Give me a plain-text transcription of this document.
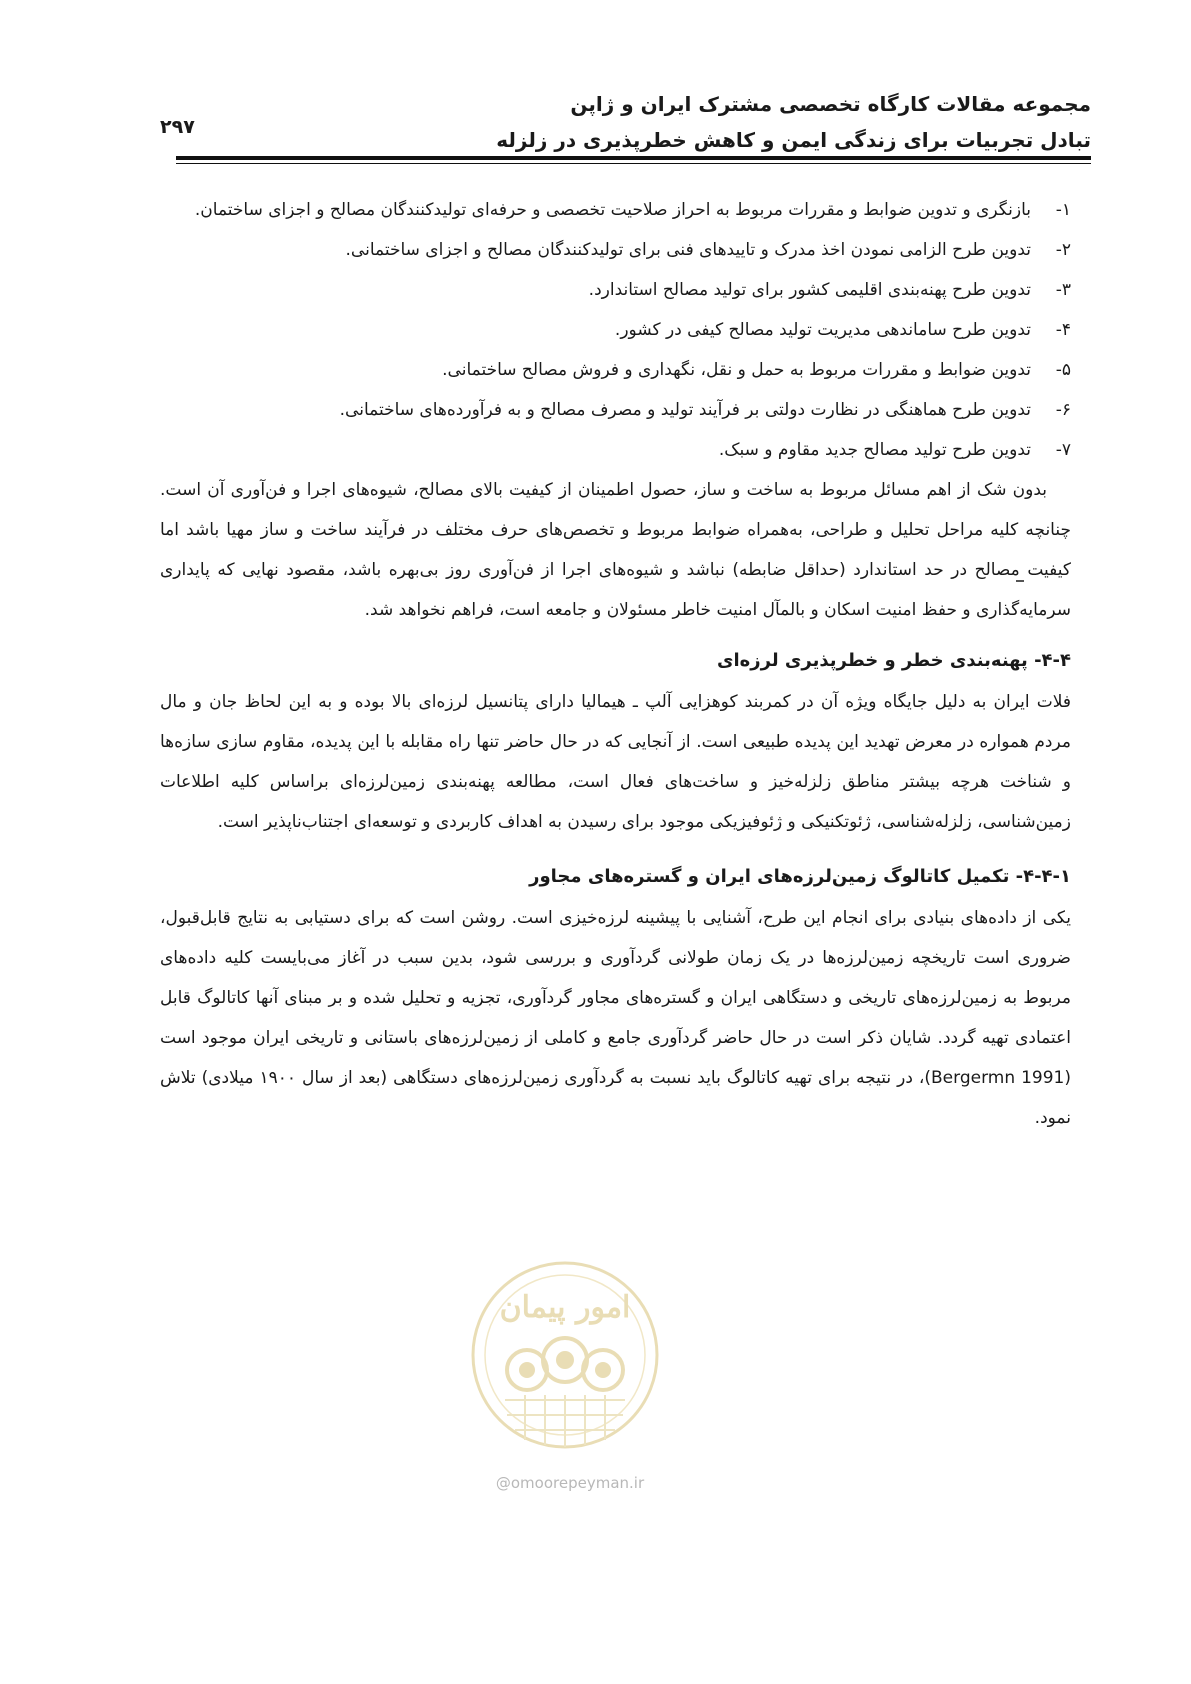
مجموعه مقالات کارگاه تخصصی مشترک ایران و ژاپن
تبادل تجربیات برای زندگی ایمن و کاهش خطرپذیری در زلزله
۲۹۷
۱-
بازنگری و تدوین ضوابط و مقررات مربوط به احراز صلاحیت تخصصی و حرفه‌ای تولیدکنندگان مصالح و اجزای ساختمان.
۲-
تدوین طرح الزامی نمودن اخذ مدرک و تاییدهای فنی برای تولیدکنندگان مصالح و اجزای ساختمانی.
۳-
تدوین طرح پهنه‌بندی اقلیمی کشور برای تولید مصالح استاندارد.
۴-
تدوین طرح ساماندهی مدیریت تولید مصالح کیفی در کشور.
۵-
تدوین ضوابط و مقررات مربوط به حمل و نقل، نگهداری و فروش مصالح ساختمانی.
۶-
تدوین طرح هماهنگی در نظارت دولتی بر فرآیند تولید و مصرف مصالح و به فرآورده‌های ساختمانی.
۷-
تدوین طرح تولید مصالح جدید مقاوم و سبک.

بدون شک از اهم مسائل مربوط به ساخت و ساز، حصول اطمینان از کیفیت بالای مصالح، شیوه‌های اجرا و فن‌آوری آن است. چنانچه کلیه مراحل تحلیل و طراحی، به‌همراه ضوابط مربوط و تخصص‌های حرف مختلف در فرآیند ساخت و ساز مهیا باشد اما کیفیت مصالح در حد استاندارد (حداقل ضابطه) نباشد و شیوه‌های اجرا از فن‌آوری روز بی‌بهره باشد، مقصود نهایی که پایداری سرمایه‌گذاری و حفظ امنیت اسکان و بالمآل امنیت خاطر مسئولان و جامعه است، فراهم نخواهد شد.

۴-۴- پهنه‌بندی خطر و خطرپذیری لرزه‌ای

فلات ایران به دلیل جایگاه ویژه آن در کمربند کوهزایی آلپ ـ هیمالیا دارای پتانسیل لرزه‌ای بالا بوده و به این لحاظ جان و مال مردم همواره در معرض تهدید این پدیده طبیعی است. از آنجایی که در حال حاضر تنها راه مقابله با این پدیده، مقاوم سازی سازه‌ها و شناخت هرچه بیشتر مناطق زلزله‌خیز و ساخت‌های فعال است، مطالعه پهنه‌بندی زمین‌لرزه‌ای براساس کلیه اطلاعات زمین‌شناسی، زلزله‌شناسی، ژئوتکنیکی و ژئوفیزیکی موجود برای رسیدن به اهداف کاربردی و توسعه‌ای اجتناب‌ناپذیر است.

۴-۴-۱- تکمیل کاتالوگ زمین‌لرزه‌های ایران و گستره‌های مجاور

یکی از داده‌های بنیادی برای انجام این طرح، آشنایی با پیشینه لرزه‌خیزی است. روشن است که برای دستیابی به نتایج قابل‌قبول، ضروری است تاریخچه زمین‌لرزه‌ها در یک زمان طولانی گردآوری و بررسی شود، بدین سبب در آغاز می‌بایست کلیه داده‌های مربوط به زمین‌لرزه‌های تاریخی و دستگاهی ایران و گستره‌های مجاور گردآوری، تجزیه و تحلیل شده و بر مبنای آنها کاتالوگ قابل اعتمادی تهیه گردد. شایان ذکر است در حال حاضر گردآوری جامع و کاملی از زمین‌لرزه‌های باستانی و تاریخی ایران موجود است (Bergermn 1991)، در نتیجه برای تهیه کاتالوگ باید نسبت به گردآوری زمین‌لرزه‌های دستگاهی (بعد از سال ۱۹۰۰ میلادی) تلاش نمود.

امور پیمان
@omoorepeyman.ir
